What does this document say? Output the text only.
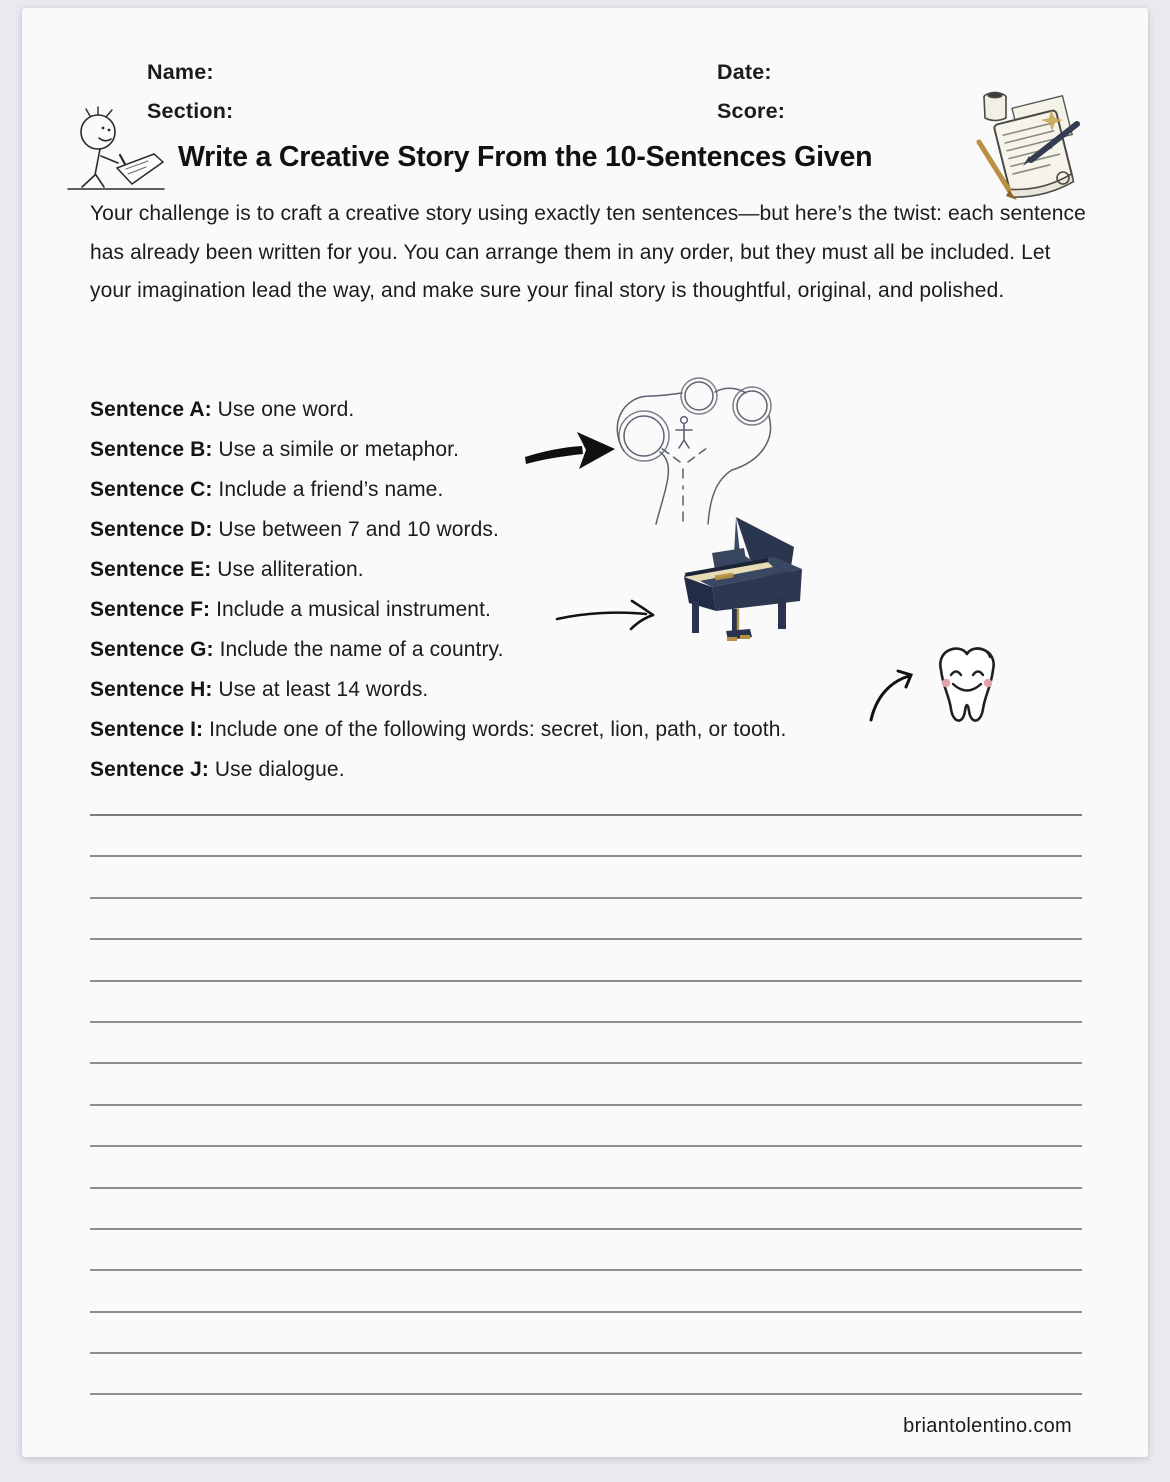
Name:	Date:
Section:	Score:
Write a Creative Story From the 10-Sentences Given
Your challenge is to craft a creative story using exactly ten sentences—but here’s the twist: each sentence has already been written for you. You can arrange them in any order, but they must all be included. Let your imagination lead the way, and make sure your final story is thoughtful, original, and polished.
Sentence A: Use one word.
Sentence B: Use a simile or metaphor.
Sentence C: Include a friend’s name.
Sentence D: Use between 7 and 10 words.
Sentence E: Use alliteration.
Sentence F: Include a musical instrument.
Sentence G: Include the name of a country.
Sentence H: Use at least 14 words.
Sentence I: Include one of the following words: secret, lion, path, or tooth.
Sentence J: Use dialogue.
briantolentino.com
